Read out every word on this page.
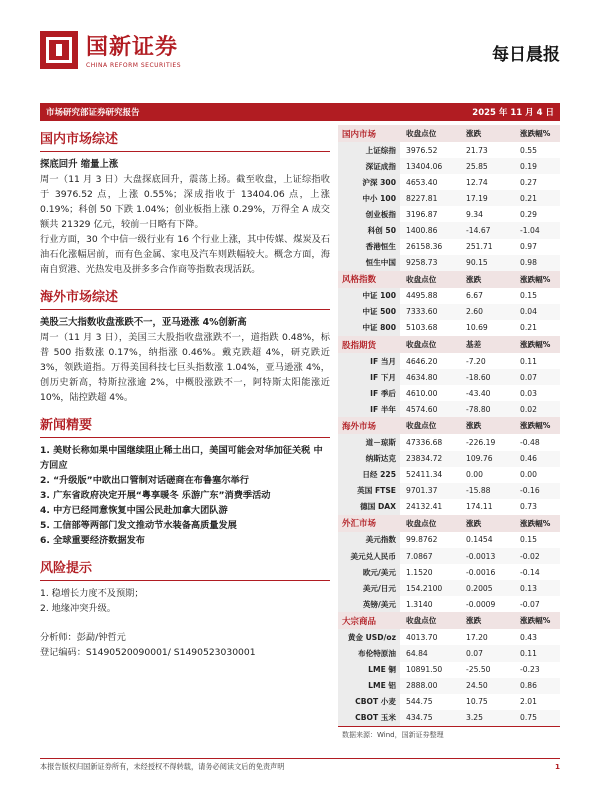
国新证券
CHINA REFORM SECURITIES
每日晨报
市场研究部证券研究报告	2025 年 11 月 4 日
国内市场综述
探底回升 缩量上涨
周一（11 月 3 日）大盘探底回升，震荡上扬。截至收盘，上证综指收于 3976.52 点，上涨 0.55%；深成指收于 13404.06 点，上涨 0.19%；科创 50 下跌 1.04%；创业板指上涨 0.29%，万得全 A 成交额共 21329 亿元，较前一日略有下降。
行业方面，30 个中信一级行业有 16 个行业上涨，其中传媒、煤炭及石油石化涨幅居前，而有色金属、家电及汽车则跌幅较大。概念方面，海南自贸港、光热发电及拼多多合作商等指数表现活跃。
海外市场综述
美股三大指数收盘涨跌不一，亚马逊涨 4%创新高
周一（11 月 3 日），美国三大股指收盘涨跌不一，道指跌 0.48%，标普 500 指数涨 0.17%，纳指涨 0.46%。戴克跌超 4%，研克跌近 3%，领跌道指。万得美国科技七巨头指数涨 1.04%，亚马逊涨 4%，创历史新高，特斯拉涨逾 2%，中概股涨跌不一，阿特斯太阳能涨近 10%，陆控跌超 4%。
新闻精要
1. 美财长称如果中国继续阻止稀土出口，美国可能会对华加征关税 中方回应
2. “升级版”中欧出口管制对话磋商在布鲁塞尔举行
3. 广东省政府决定开展“粤享暖冬 乐游广东”消费季活动
4. 中方已经同意恢复中国公民赴加拿大团队游
5. 工信部等两部门发文推动节水装备高质量发展
6. 全球重要经济数据发布
风险提示
1. 稳增长力度不及预期；
2. 地缘冲突升级。
分析师：彭勐/钟哲元
登记编码：S1490520090001/ S1490523030001
国内市场	收盘点位	涨跌	涨跌幅%
上证综指	3976.52	21.73	0.55
深证成指	13404.06	25.85	0.19
沪深 300	4653.40	12.74	0.27
中小 100	8227.81	17.19	0.21
创业板指	3196.87	9.34	0.29
科创 50	1400.86	-14.67	-1.04
香港恒生	26158.36	251.71	0.97
恒生中国	9258.73	90.15	0.98
风格指数	收盘点位	涨跌	涨跌幅%
中证 100	4495.88	6.67	0.15
中证 500	7333.60	2.60	0.04
中证 800	5103.68	10.69	0.21
股指期货	收盘点位	基差	涨跌幅%
IF 当月	4646.20	-7.20	0.11
IF 下月	4634.80	-18.60	0.07
IF 季后	4610.00	-43.40	0.03
IF 半年	4574.60	-78.80	0.02
海外市场	收盘点位	涨跌	涨跌幅%
道－琼斯	47336.68	-226.19	-0.48
纳斯达克	23834.72	109.76	0.46
日经 225	52411.34	0.00	0.00
英国 FTSE	9701.37	-15.88	-0.16
德国 DAX	24132.41	174.11	0.73
外汇市场	收盘点位	涨跌	涨跌幅%
美元指数	99.8762	0.1454	0.15
美元兑人民币	7.0867	-0.0013	-0.02
欧元/美元	1.1520	-0.0016	-0.14
美元/日元	154.2100	0.2005	0.13
英镑/美元	1.3140	-0.0009	-0.07
大宗商品	收盘点位	涨跌	涨跌幅%
黄金 USD/oz	4013.70	17.20	0.43
布伦特原油	64.84	0.07	0.11
LME 铜	10891.50	-25.50	-0.23
LME 铝	2888.00	24.50	0.86
CBOT 小麦	544.75	10.75	2.01
CBOT 玉米	434.75	3.25	0.75
数据来源：Wind，国新证券整理
本报告版权归国新证券所有，未经授权不得转载，请务必阅读文后的免责声明	1
